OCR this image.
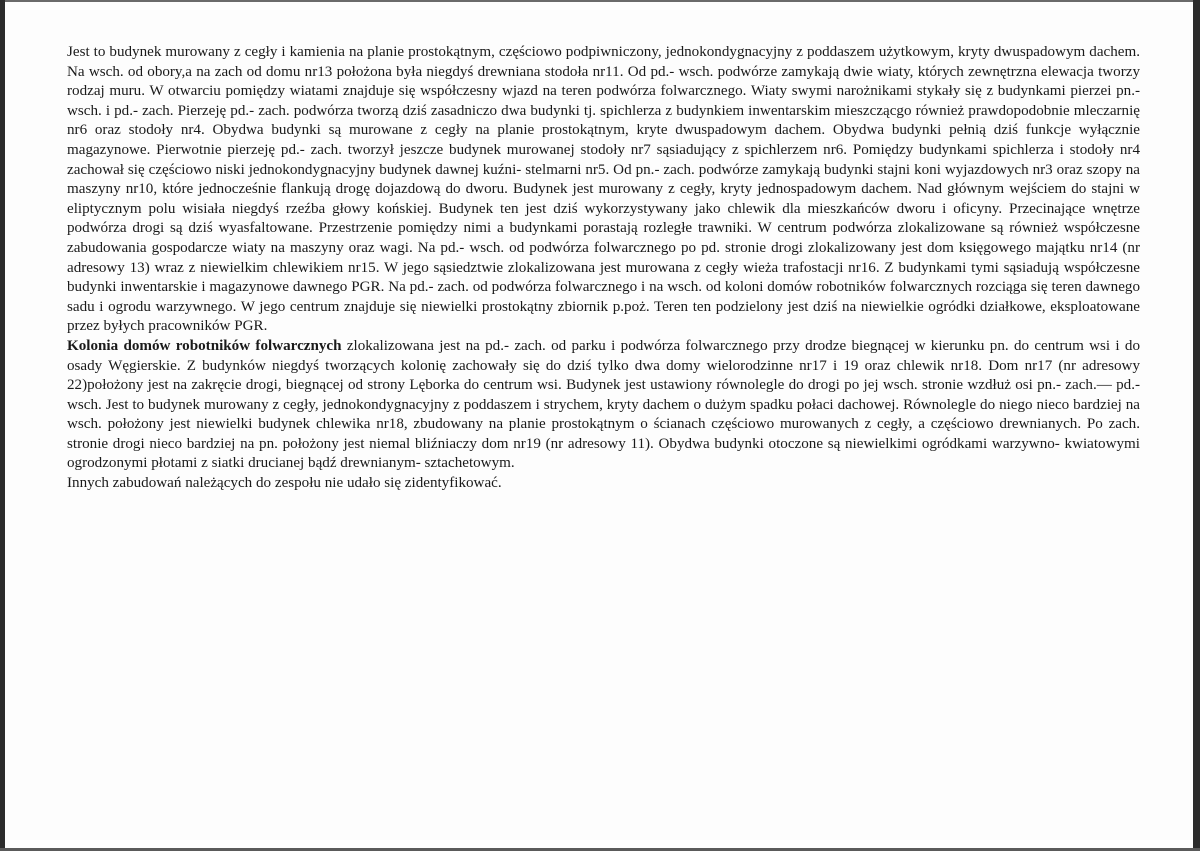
Jest to budynek murowany z cegły i kamienia na planie prostokątnym, częściowo podpiwniczony, jednokondygnacyjny z poddaszem użytkowym, kryty dwuspadowym dachem. Na wsch. od obory,a na zach od domu nr13 położona była niegdyś drewniana stodoła nr11. Od pd.- wsch. podwórze zamykają dwie wiaty, których zewnętrzna elewacja tworzy rodzaj muru. W otwarciu pomiędzy wiatami znajduje się współczesny wjazd na teren podwórza folwarcznego. Wiaty swymi narożnikami stykały się z budynkami pierzei pn.- wsch. i pd.- zach. Pierzeję pd.- zach. podwórza tworzą dziś zasadniczo dwa budynki tj. spichlerza z budynkiem inwentarskim mieszczącgo również prawdopodobnie mleczarnię nr6 oraz stodoły nr4. Obydwa budynki są murowane z cegły na planie prostokątnym, kryte dwuspadowym dachem. Obydwa budynki pełnią dziś funkcje wyłącznie magazynowe. Pierwotnie pierzeję pd.- zach. tworzył jeszcze budynek murowanej stodoły nr7 sąsiadujący z spichlerzem nr6. Pomiędzy budynkami spichlerza i stodoły nr4 zachował się częściowo niski jednokondygnacyjny budynek dawnej kuźni- stelmarni nr5. Od pn.- zach. podwórze zamykają budynki stajni koni wyjazdowych nr3 oraz szopy na maszyny nr10, które jednocześnie flankują drogę dojazdową do dworu. Budynek jest murowany z cegły, kryty jednospadowym dachem. Nad głównym wejściem do stajni w eliptycznym polu wisiała niegdyś rzeźba głowy końskiej. Budynek ten jest dziś wykorzystywany jako chlewik dla mieszkańców dworu i oficyny. Przecinające wnętrze podwórza drogi są dziś wyasfaltowane. Przestrzenie pomiędzy nimi a budynkami porastają rozległe trawniki. W centrum podwórza zlokalizowane są również współczesne zabudowania gospodarcze wiaty na maszyny oraz wagi. Na pd.- wsch. od podwórza folwarcznego po pd. stronie drogi zlokalizowany jest dom księgowego majątku nr14 (nr adresowy 13) wraz z niewielkim chlewikiem nr15. W jego sąsiedztwie zlokalizowana jest murowana z cegły wieża trafostacji nr16. Z budynkami tymi sąsiadują współczesne budynki inwentarskie i magazynowe dawnego PGR. Na pd.- zach. od podwórza folwarcznego i na wsch. od koloni domów robotników folwarcznych rozciąga się teren dawnego sadu i ogrodu warzywnego. W jego centrum znajduje się niewielki prostokątny zbiornik p.poż. Teren ten podzielony jest dziś na niewielkie ogródki działkowe, eksploatowane przez byłych pracowników PGR.

Kolonia domów robotników folwarcznych zlokalizowana jest na pd.- zach. od parku i podwórza folwarcznego przy drodze biegnącej w kierunku pn. do centrum wsi i do osady Węgierskie. Z budynków niegdyś tworzących kolonię zachowały się do dziś tylko dwa domy wielorodzinne nr17 i 19 oraz chlewik nr18. Dom nr17 (nr adresowy 22)położony jest na zakręcie drogi, biegnącej od strony Lęborka do centrum wsi. Budynek jest ustawiony równolegle do drogi po jej wsch. stronie wzdłuż osi pn.- zach.— pd.- wsch. Jest to budynek murowany z cegły, jednokondygnacyjny z poddaszem i strychem, kryty dachem o dużym spadku połaci dachowej. Równolegle do niego nieco bardziej na wsch. położony jest niewielki budynek chlewika nr18, zbudowany na planie prostokątnym o ścianach częściowo murowanych z cegły, a częściowo drewnianych. Po zach. stronie drogi nieco bardziej na pn. położony jest niemal bliźniaczy dom nr19 (nr adresowy 11). Obydwa budynki otoczone są niewielkimi ogródkami warzywno- kwiatowymi ogrodzonymi płotami z siatki drucianej bądź drewnianym- sztachetowym.

Innych zabudowań należących do zespołu nie udało się zidentyfikować.
